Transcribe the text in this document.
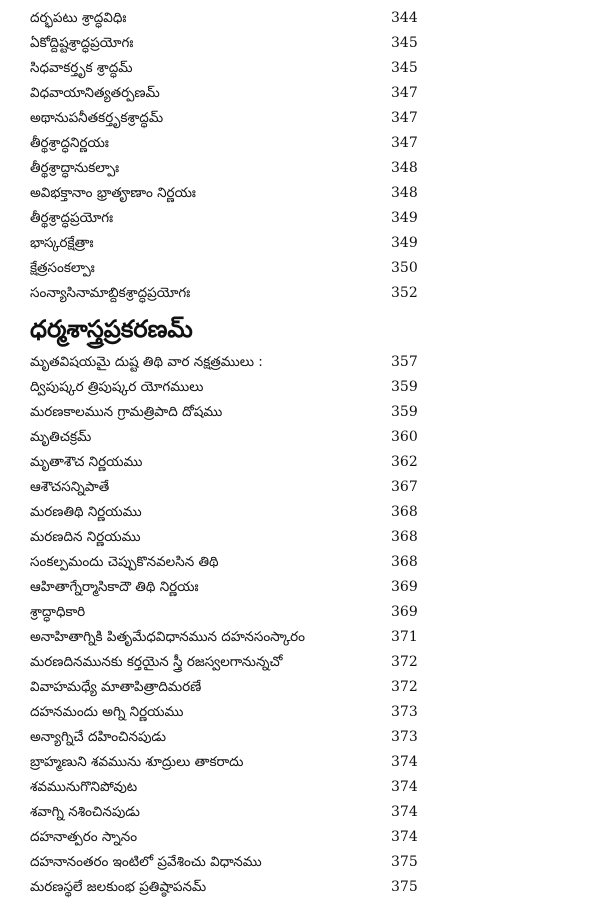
దర్భపటు శ్రాద్ధవిధిః	344
ఏకోద్దిష్టశ్రాద్ధప్రయోగః	345
సిధవాకర్తృక శ్రాద్ధమ్	345
విధవాయానిత్యతర్పణమ్	347
అథానుపనీతకర్తృకశ్రాద్ధమ్	347
తీర్థశ్రాద్ధనిర్ణయః	347
తీర్థశ్రాద్ధానుకల్పాః	348
అవిభక్తానాం భ్రాతౄణాం నిర్ణయః	348
తీర్థశ్రాద్ధప్రయోగః	349
భాస్కరక్షేత్రాః	349
క్షేత్రసంకల్పాః	350
సంన్యాసినామాబ్దికశ్రాద్ధప్రయోగః	352
ధర్మశాస్త్రప్రకరణమ్
మృతవిషయమై దుష్ట తిథి వార నక్షత్రములు :	357
ద్విపుష్కర త్రిపుష్కర యోగములు	359
మరణకాలమున గ్రామత్రిపాది దోషము	359
మృతిచక్రమ్	360
మృతాశౌచ నిర్ణయము	362
ఆశౌచసన్నిపాతే	367
మరణతిథి నిర్ణయము	368
మరణదిన నిర్ణయము	368
సంకల్పమందు చెప్పుకొనవలసిన తిథి	368
ఆహితాగ్నేర్మాసికాదౌ తిథి నిర్ణయః	369
శ్రాద్ధాధికారి	369
అనాహితాగ్నికి పితృమేధవిధానమున దహనసంస్కారం	371
మరణదినమునకు కర్తయైన స్త్రీ రజస్వలగానున్నచో	372
వివాహమధ్యే మాతాపిత్రాదిమరణే	372
దహనమందు అగ్ని నిర్ణయము	373
అన్యాగ్నిచే దహించినపుడు	373
బ్రాహ్మణుని శవమును శూద్రులు తాకరాదు	374
శవమునుగొనిపోవుట	374
శవాగ్ని నశించినపుడు	374
దహనాత్పరం స్నానం	374
దహనానంతరం ఇంటిలో ప్రవేశించు విధానము	375
మరణస్థలే జలకుంభ ప్రతిష్ఠాపనమ్	375
